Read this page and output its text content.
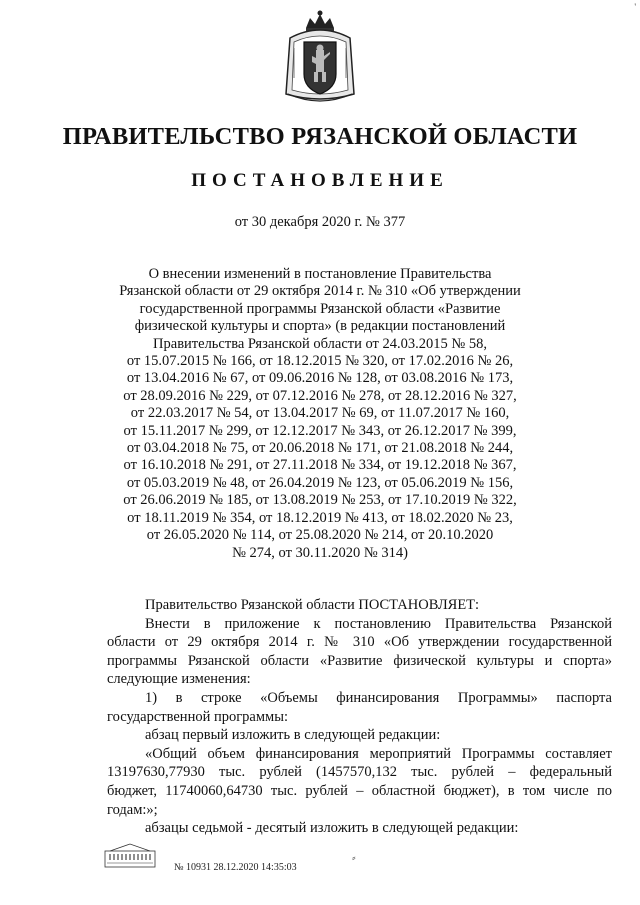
'
ПРАВИТЕЛЬСТВО РЯЗАНСКОЙ ОБЛАСТИ
ПОСТАНОВЛЕНИЕ
от 30 декабря 2020 г. № 377
О внесении изменений в постановление Правительства
Рязанской области от 29 октября 2014 г. № 310 «Об утверждении
государственной программы Рязанской области «Развитие
физической культуры и спорта» (в редакции постановлений
Правительства Рязанской области от 24.03.2015 № 58,
от 15.07.2015 № 166, от 18.12.2015 № 320, от 17.02.2016 № 26,
от 13.04.2016 № 67, от 09.06.2016 № 128, от 03.08.2016 № 173,
от 28.09.2016 № 229, от 07.12.2016 № 278, от 28.12.2016 № 327,
от 22.03.2017 № 54, от 13.04.2017 № 69, от 11.07.2017 № 160,
от 15.11.2017 № 299, от 12.12.2017 № 343, от 26.12.2017 № 399,
от 03.04.2018 № 75, от 20.06.2018 № 171, от 21.08.2018 № 244,
от 16.10.2018 № 291, от 27.11.2018 № 334, от 19.12.2018 № 367,
от 05.03.2019 № 48, от 26.04.2019 № 123, от 05.06.2019 № 156,
от 26.06.2019 № 185, от 13.08.2019 № 253, от 17.10.2019 № 322,
от 18.11.2019 № 354, от 18.12.2019 № 413, от 18.02.2020 № 23,
от 26.05.2020 № 114, от 25.08.2020 № 214, от 20.10.2020
№ 274, от 30.11.2020 № 314)
Правительство Рязанской области ПОСТАНОВЛЯЕТ:
Внести в приложение к постановлению Правительства Рязанской
области от 29 октября 2014 г. № 310 «Об утверждении государственной
программы Рязанской области «Развитие физической культуры и спорта»
следующие изменения:
1) в строке «Объемы финансирования Программы» паспорта
государственной программы:
абзац первый изложить в следующей редакции:
«Общий объем финансирования мероприятий Программы составляет
13197630,77930 тыс. рублей (1457570,132 тыс. рублей – федеральный
бюджет, 11740060,64730 тыс. рублей – областной бюджет), в том числе по
годам:»;
абзацы седьмой - десятый изложить в следующей редакции:
№ 10931 28.12.2020 14:35:03
⸗
